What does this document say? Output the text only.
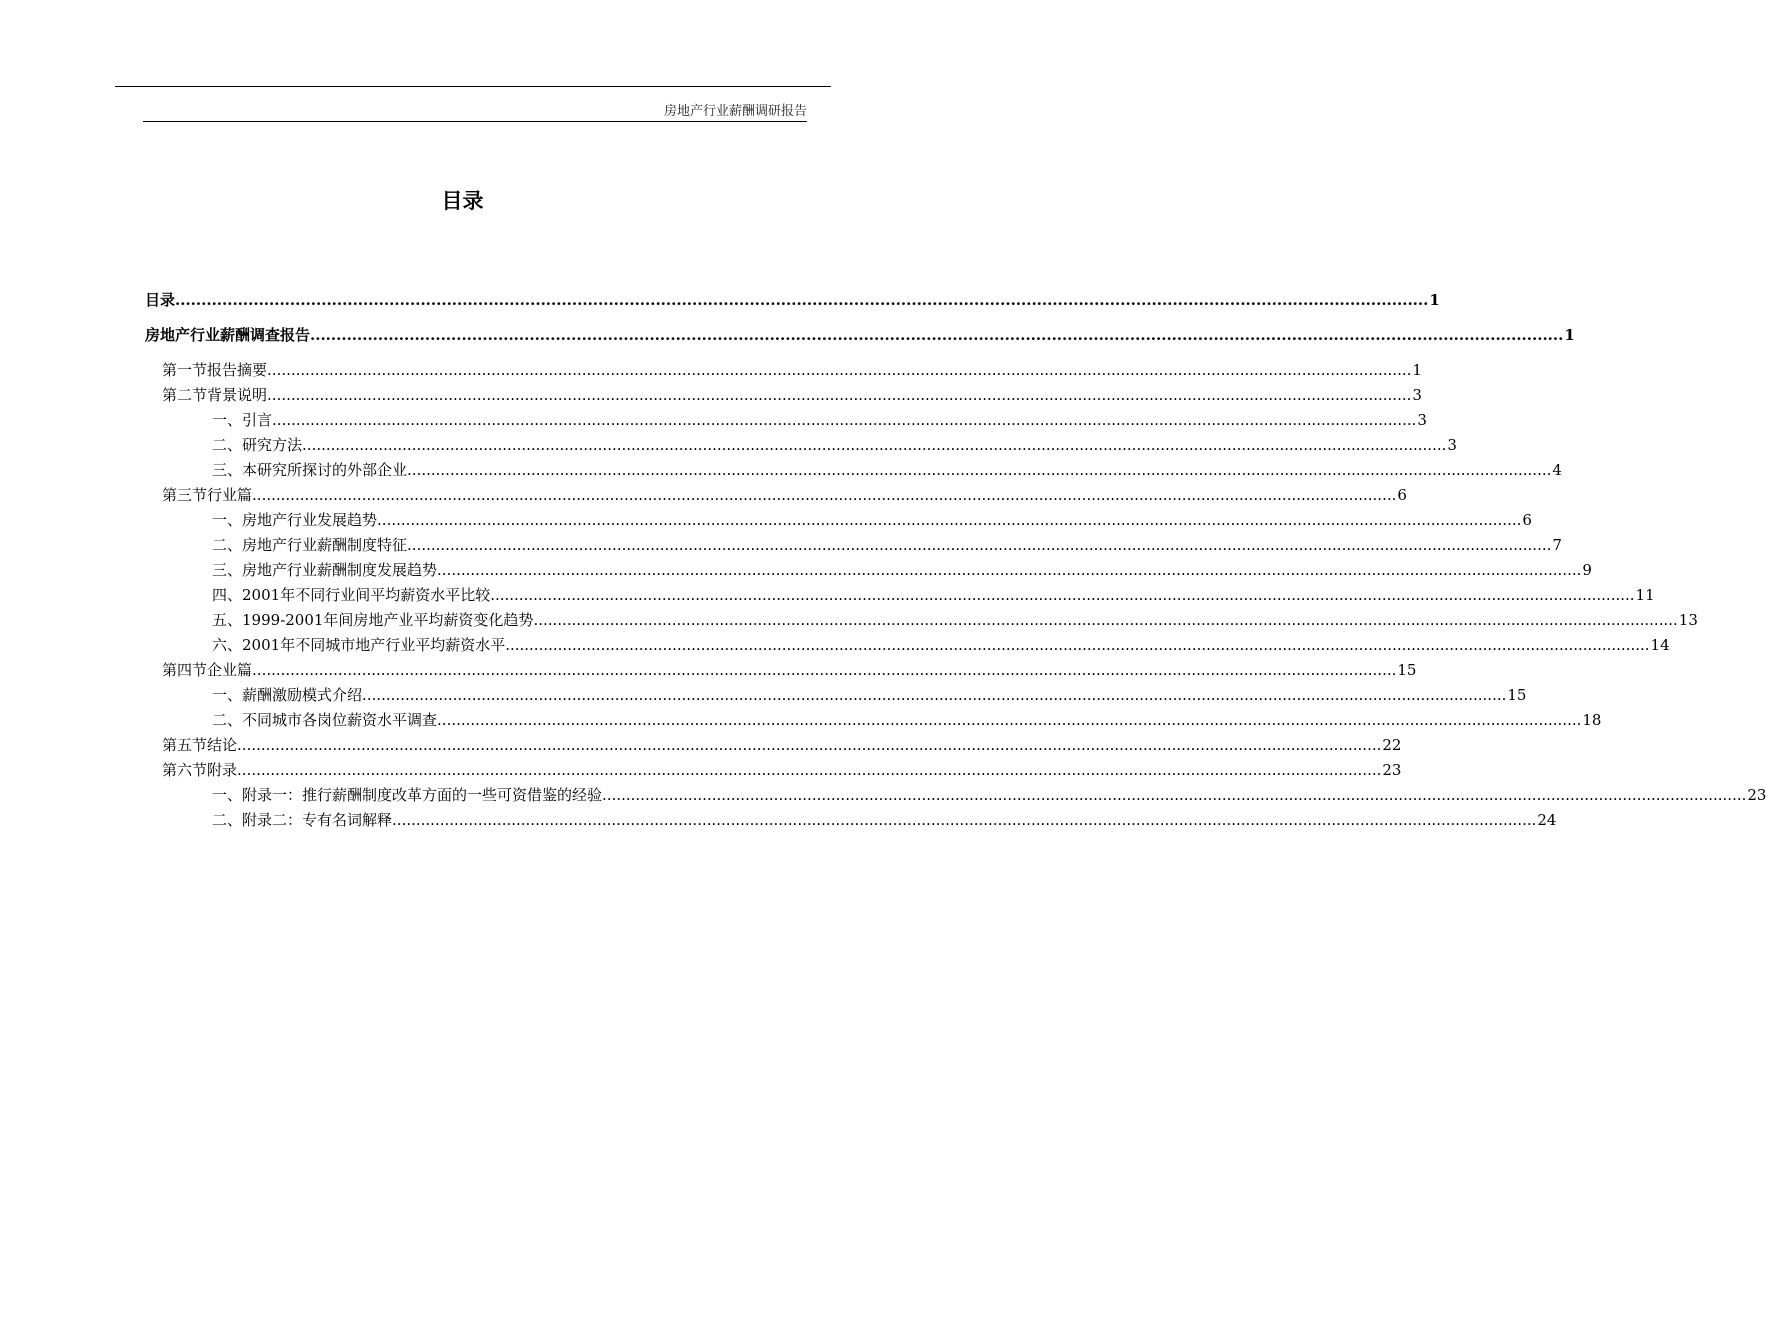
房地产行业薪酬调研报告
目录
目录 .....	1
房地产行业薪酬调查报告 .....	1
第一节 报告摘要 .....	1
第二节 背景说明 .....	3
一、 引言 .....	3
二、 研究方法 .....	3
三、 本研究所探讨的外部企业 .....	4
第三节 行业篇 .....	6
一、 房地产行业发展趋势 .....	6
二、 房地产行业薪酬制度特征 .....	7
三、 房地产行业薪酬制度发展趋势 .....	9
四、 2001年不同行业间平均薪资水平比较 .....	11
五、 1999-2001年间房地产业平均薪资变化趋势 .....	13
六、 2001年不同城市地产行业平均薪资水平 .....	14
第四节 企业篇 .....	15
一、 薪酬激励模式介绍 .....	15
二、 不同城市各岗位薪资水平调查 .....	18
第五节 结论 .....	22
第六节 附录 .....	23
一、 附录一：推行薪酬制度改革方面的一些可资借鉴的经验 .....	23
二、 附录二：专有名词解释 .....	24
